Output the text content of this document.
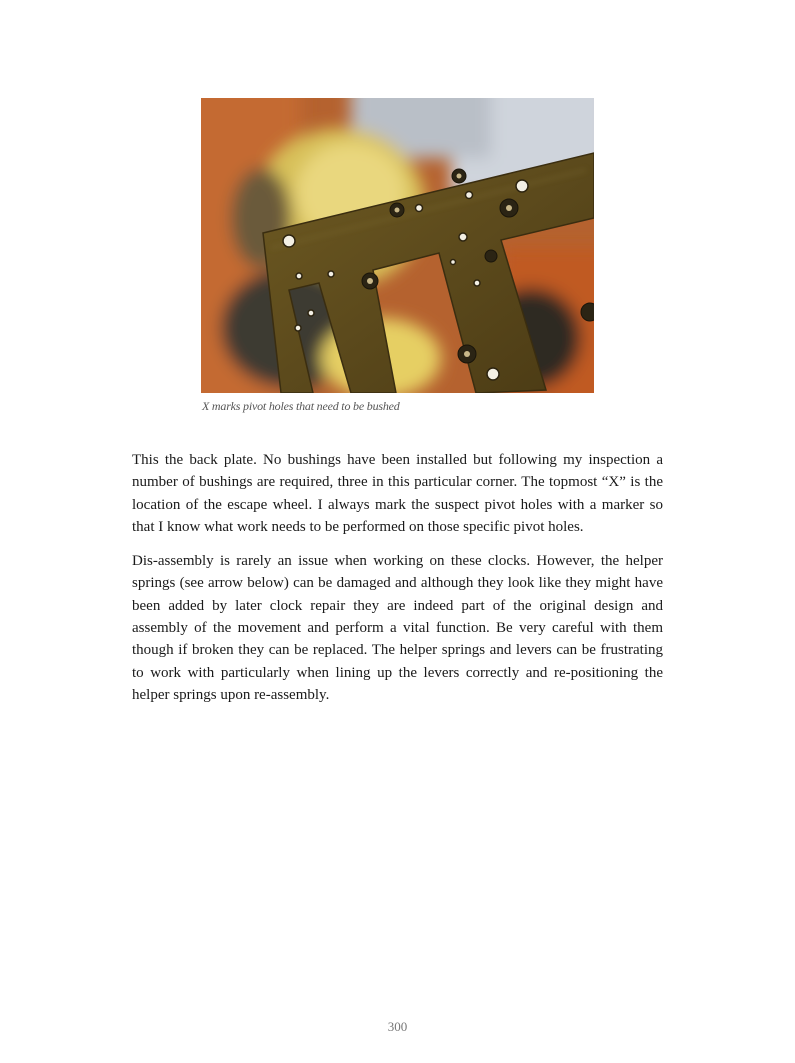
X marks pivot holes that need to be bushed

This the back plate. No bushings have been installed but following my inspection a number of bushings are required, three in this particular corner. The topmost “X” is the location of the escape wheel. I always mark the suspect pivot holes with a marker so that I know what work needs to be performed on those specific pivot holes.

Dis-assembly is rarely an issue when working on these clocks. However, the helper springs (see arrow below) can be damaged and although they look like they might have been added by later clock repair they are indeed part of the original design and assembly of the movement and perform a vital function. Be very careful with them though if broken they can be replaced. The helper springs and levers can be frustrating to work with particularly when lining up the levers correctly and re-positioning the helper springs upon re-assembly.

300
